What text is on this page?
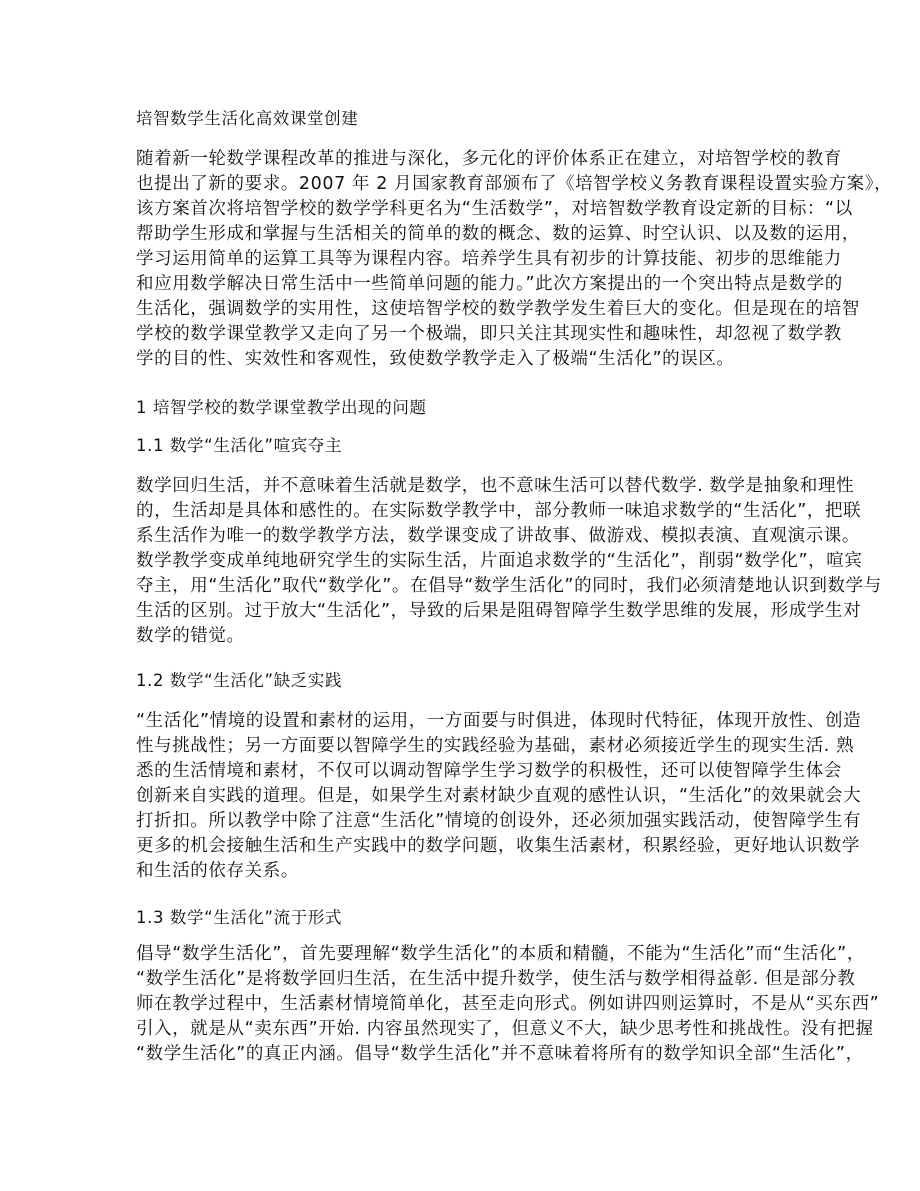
培智数学生活化高效课堂创建
随着新一轮数学课程改革的推进与深化，多元化的评价体系正在建立，对培智学校的教育
也提出了新的要求。2007 年 2 月国家教育部颁布了《培智学校义务教育课程设置实验方案》，
该方案首次将培智学校的数学学科更名为“生活数学”，对培智数学教育设定新的目标：“以
帮助学生形成和掌握与生活相关的简单的数的概念、数的运算、时空认识、以及数的运用，
学习运用简单的运算工具等为课程内容。培养学生具有初步的计算技能、初步的思维能力
和应用数学解决日常生活中一些简单问题的能力。”此次方案提出的一个突出特点是数学的
生活化，强调数学的实用性，这使培智学校的数学教学发生着巨大的变化。但是现在的培智
学校的数学课堂教学又走向了另一个极端，即只关注其现实性和趣味性，却忽视了数学教
学的目的性、实效性和客观性，致使数学教学走入了极端“生活化”的误区。
1 培智学校的数学课堂教学出现的问题
1.1 数学“生活化”喧宾夺主
数学回归生活，并不意味着生活就是数学，也不意味生活可以替代数学. 数学是抽象和理性
的，生活却是具体和感性的。在实际数学教学中，部分教师一味追求数学的“生活化”，把联
系生活作为唯一的数学教学方法，数学课变成了讲故事、做游戏、模拟表演、直观演示课。
数学教学变成单纯地研究学生的实际生活，片面追求数学的“生活化”，削弱“数学化”，喧宾
夺主，用“生活化”取代“数学化”。在倡导“数学生活化”的同时，我们必须清楚地认识到数学与
生活的区别。过于放大“生活化”，导致的后果是阻碍智障学生数学思维的发展，形成学生对
数学的错觉。
1.2 数学“生活化”缺乏实践
“生活化”情境的设置和素材的运用，一方面要与时俱进，体现时代特征，体现开放性、创造
性与挑战性；另一方面要以智障学生的实践经验为基础，素材必须接近学生的现实生活. 熟
悉的生活情境和素材，不仅可以调动智障学生学习数学的积极性，还可以使智障学生体会
创新来自实践的道理。但是，如果学生对素材缺少直观的感性认识，“生活化”的效果就会大
打折扣。所以教学中除了注意“生活化”情境的创设外，还必须加强实践活动，使智障学生有
更多的机会接触生活和生产实践中的数学问题，收集生活素材，积累经验，更好地认识数学
和生活的依存关系。
1.3 数学“生活化”流于形式
倡导“数学生活化”，首先要理解“数学生活化”的本质和精髓，不能为“生活化”而“生活化”，
“数学生活化”是将数学回归生活，在生活中提升数学，使生活与数学相得益彰. 但是部分教
师在教学过程中，生活素材情境简单化，甚至走向形式。例如讲四则运算时，不是从“买东西”
引入，就是从“卖东西”开始. 内容虽然现实了，但意义不大，缺少思考性和挑战性。没有把握
“数学生活化”的真正内涵。倡导“数学生活化”并不意味着将所有的数学知识全部“生活化”，
